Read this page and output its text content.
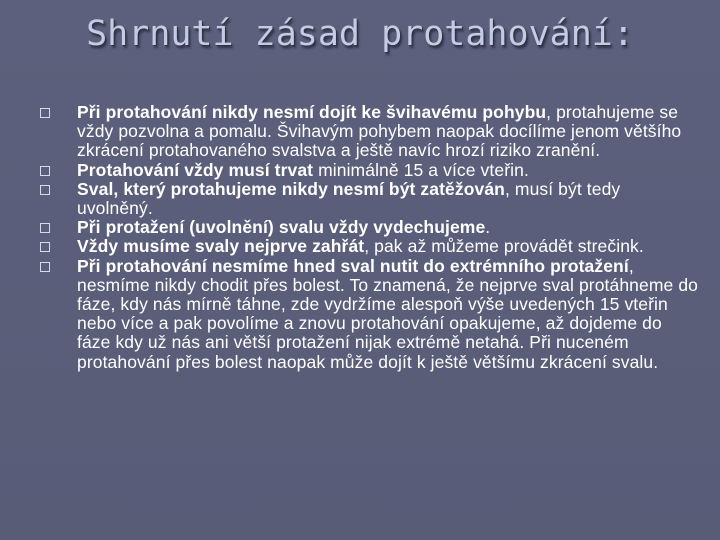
Shrnutí zásad protahování:
Při protahování nikdy nesmí dojít ke švihavému pohybu, protahujeme se vždy pozvolna a pomalu. Švihavým pohybem naopak docílíme jenom většího zkrácení protahovaného svalstva a ještě navíc hrozí riziko zranění.
Protahování vždy musí trvat minimálně 15 a více vteřin.
Sval, který protahujeme nikdy nesmí být zatěžován, musí být tedy uvolněný.
Při protažení (uvolnění) svalu vždy vydechujeme.
Vždy musíme svaly nejprve zahřát, pak až můžeme provádět strečink.
Při protahování nesmíme hned sval nutit do extrémního protažení, nesmíme nikdy chodit přes bolest. To znamená, že nejprve sval protáhneme do fáze, kdy nás mírně táhne, zde vydržíme alespoň výše uvedených 15 vteřin nebo více a pak povolíme a znovu protahování opakujeme, až dojdeme do fáze kdy už nás ani větší protažení nijak extrémě netahá. Při nuceném protahování přes bolest naopak může dojít k ještě většímu zkrácení svalu.
